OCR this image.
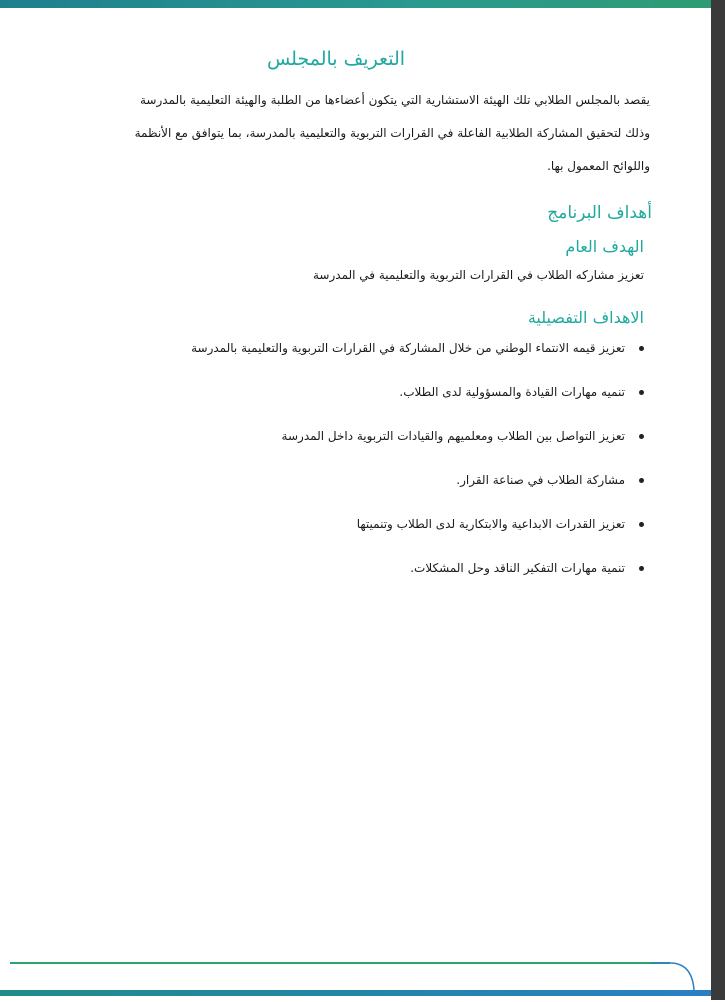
التعريف بالمجلس

يقصد بالمجلس الطلابي تلك الهيئة الاستشارية التي يتكون أعضاءها من الطلبة والهيئة التعليمية بالمدرسة

وذلك لتحقيق المشاركة الطلابية الفاعلة في القرارات التربوية والتعليمية بالمدرسة، بما يتوافق مع الأنظمة

واللوائح المعمول بها.

أهداف البرنامج
الهدف العام

تعزيز مشاركه الطلاب في القرارات التربوية والتعليمية في المدرسة

الاهداف التفصيلية
تعزيز قيمه الانتماء الوطني من خلال المشاركة في القرارات التربوية والتعليمية بالمدرسة
تنميه مهارات القيادة والمسؤولية لدى الطلاب.
تعزيز التواصل بين الطلاب ومعلميهم والقيادات التربوية داخل المدرسة
مشاركة الطلاب في صناعة القرار.
تعزيز القدرات الابداعية والابتكارية لدى الطلاب وتنميتها
تنمية مهارات التفكير الناقد وحل المشكلات.
